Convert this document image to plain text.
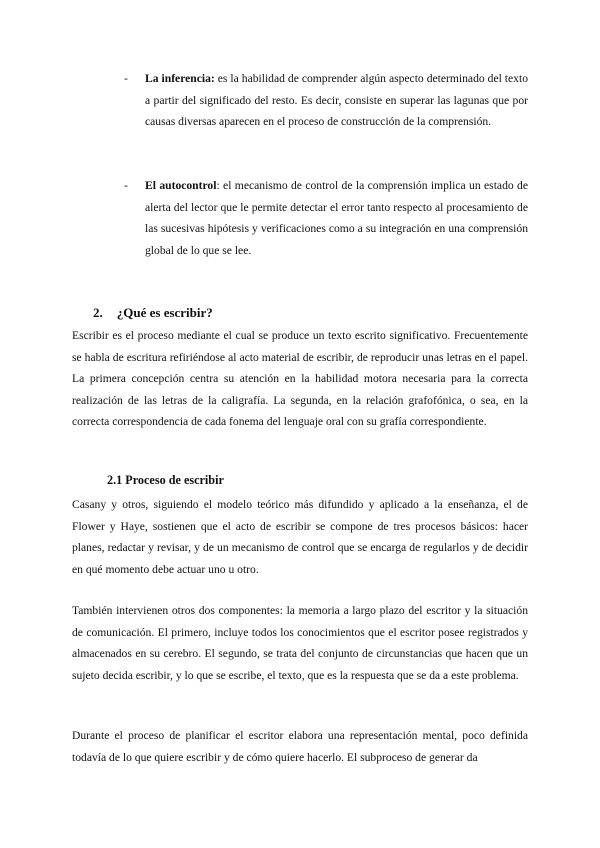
- La inferencia: es la habilidad de comprender algún aspecto determinado del texto a partir del significado del resto. Es decir, consiste en superar las lagunas que por causas diversas aparecen en el proceso de construcción de la comprensión.
- El autocontrol: el mecanismo de control de la comprensión implica un estado de alerta del lector que le permite detectar el error tanto respecto al procesamiento de las sucesivas hipótesis y verificaciones como a su integración en una comprensión global de lo que se lee.
2. ¿Qué es escribir?

Escribir es el proceso mediante el cual se produce un texto escrito significativo. Frecuentemente se habla de escritura refiriéndose al acto material de escribir, de reproducir unas letras en el papel. La primera concepción centra su atención en la habilidad motora necesaria para la correcta realización de las letras de la caligrafía. La segunda, en la relación grafofónica, o sea, en la correcta correspondencia de cada fonema del lenguaje oral con su grafía correspondiente.

2.1 Proceso de escribir

Casany y otros, siguiendo el modelo teórico más difundido y aplicado a la enseñanza, el de Flower y Haye, sostienen que el acto de escribir se compone de tres procesos básicos: hacer planes, redactar y revisar, y de un mecanismo de control que se encarga de regularlos y de decidir en qué momento debe actuar uno u otro.

También intervienen otros dos componentes: la memoria a largo plazo del escritor y la situación de comunicación. El primero, incluye todos los conocimientos que el escritor posee registrados y almacenados en su cerebro. El segundo, se trata del conjunto de circunstancias que hacen que un sujeto decida escribir, y lo que se escribe, el texto, que es la respuesta que se da a este problema.

Durante el proceso de planificar el escritor elabora una representación mental, poco definida todavía de lo que quiere escribir y de cómo quiere hacerlo. El subproceso de generar da
